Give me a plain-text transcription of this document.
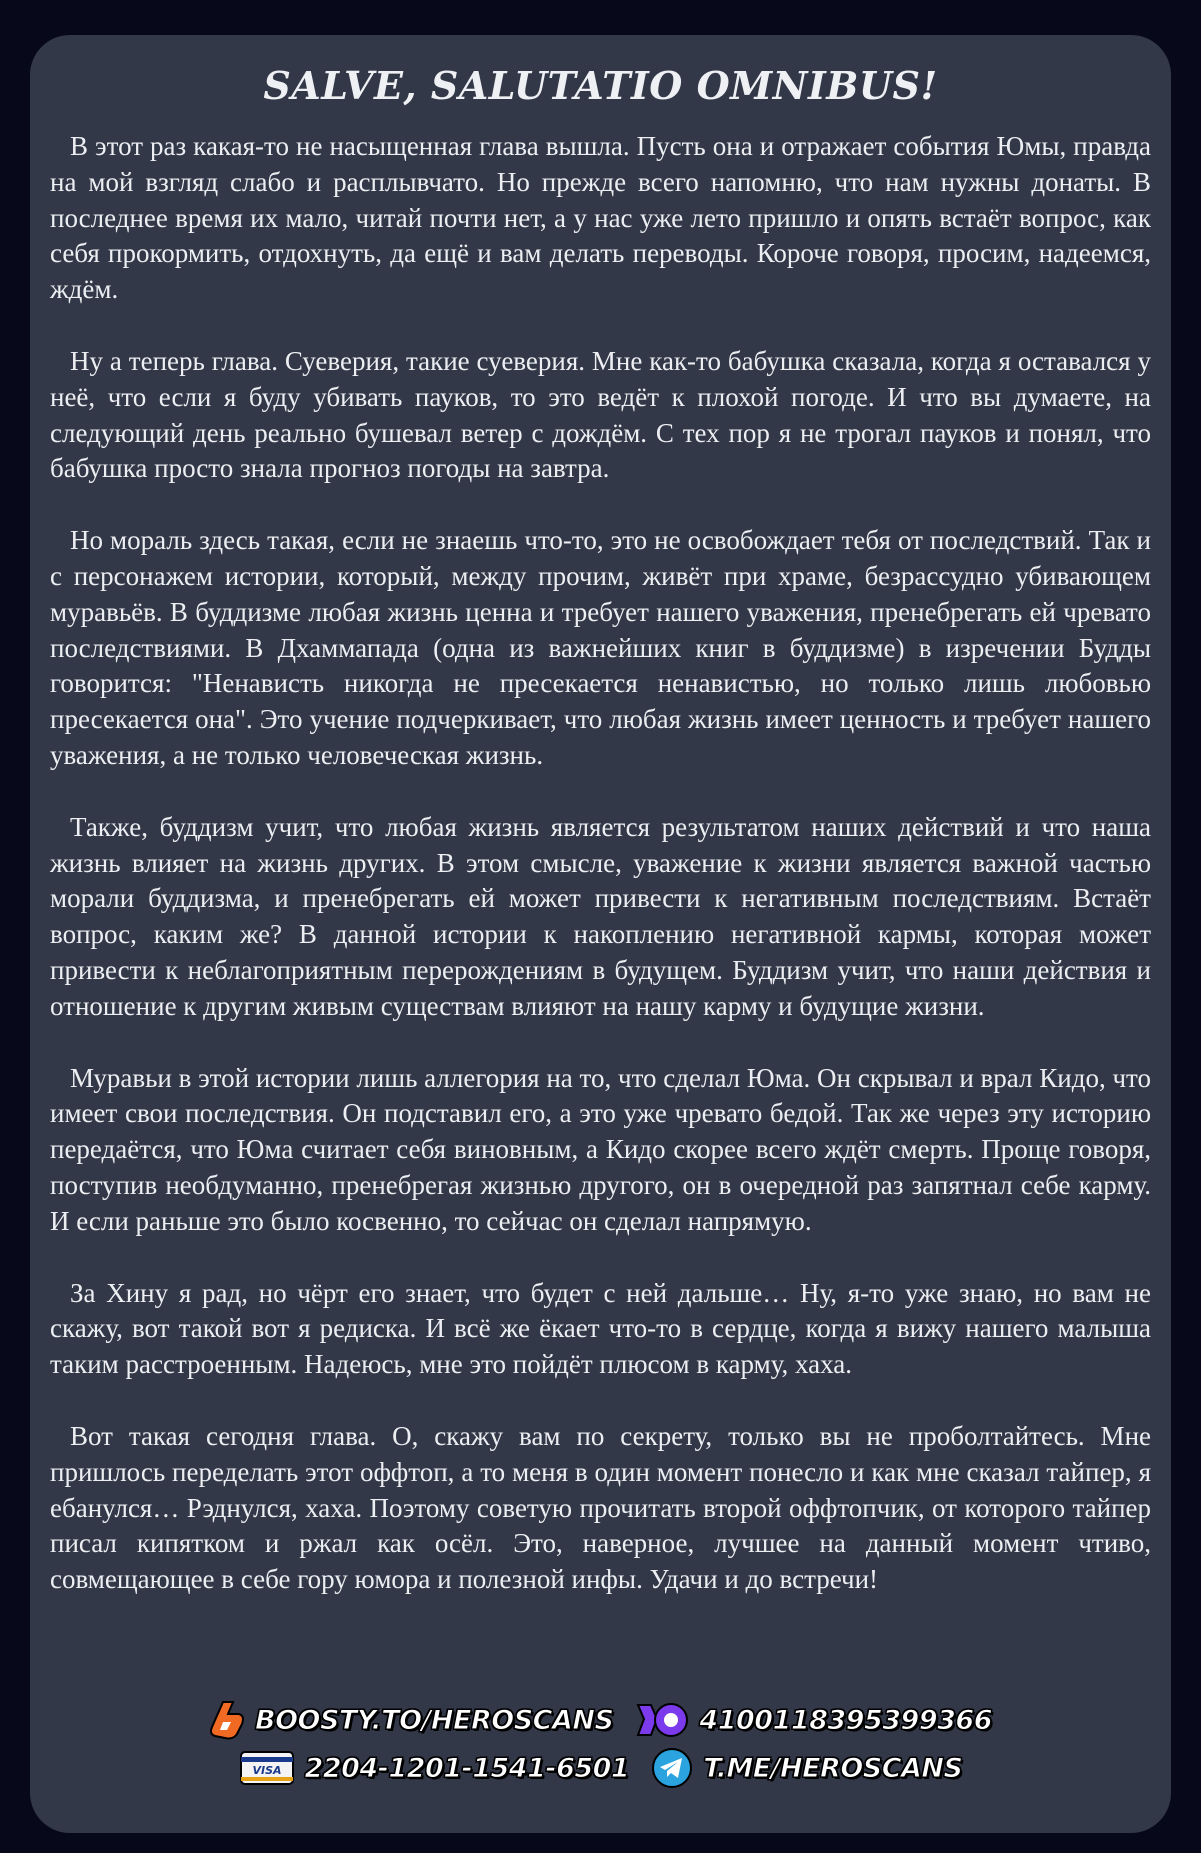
SALVE, SALUTATIO OMNIBUS!
В этот раз какая-то не насыщенная глава вышла. Пусть она и отражает события Юмы, правда на мой взгляд слабо и расплывчато. Но прежде всего напомню, что нам нужны донаты. В последнее время их мало, читай почти нет, а у нас уже лето пришло и опять встаёт вопрос, как себя прокормить, отдохнуть, да ещё и вам делать переводы. Короче говоря, просим, надеемся, ждём.
Ну а теперь глава. Суеверия, такие суеверия. Мне как-то бабушка сказала, когда я оставался у неё, что если я буду убивать пауков, то это ведёт к плохой погоде. И что вы думаете, на следующий день реально бушевал ветер с дождём. С тех пор я не трогал пауков и понял, что бабушка просто знала прогноз погоды на завтра.
Но мораль здесь такая, если не знаешь что-то, это не освобождает тебя от последствий. Так и с персонажем истории, который, между прочим, живёт при храме, безрассудно убивающем муравьёв. В буддизме любая жизнь ценна и требует нашего уважения, пренебрегать ей чревато последствиями. В Дхаммапада (одна из важнейших книг в буддизме) в изречении Будды говорится: "Ненависть никогда не пресекается ненавистью, но только лишь любовью пресекается она". Это учение подчеркивает, что любая жизнь имеет ценность и требует нашего уважения, а не только человеческая жизнь.
Также, буддизм учит, что любая жизнь является результатом наших действий и что наша жизнь влияет на жизнь других. В этом смысле, уважение к жизни является важной частью морали буддизма, и пренебрегать ей может привести к негативным последствиям. Встаёт вопрос, каким же? В данной истории к накоплению негативной кармы, которая может привести к неблагоприятным перерождениям в будущем. Буддизм учит, что наши действия и отношение к другим живым существам влияют на нашу карму и будущие жизни.
Муравьи в этой истории лишь аллегория на то, что сделал Юма. Он скрывал и врал Кидо, что имеет свои последствия. Он подставил его, а это уже чревато бедой. Так же через эту историю передаётся, что Юма считает себя виновным, а Кидо скорее всего ждёт смерть. Проще говоря, поступив необдуманно, пренебрегая жизнью другого, он в очередной раз запятнал себе карму. И если раньше это было косвенно, то сейчас он сделал напрямую.
За Хину я рад, но чёрт его знает, что будет с ней дальше… Ну, я-то уже знаю, но вам не скажу, вот такой вот я редиска. И всё же ёкает что-то в сердце, когда я вижу нашего малыша таким расстроенным. Надеюсь, мне это пойдёт плюсом в карму, хаха.
Вот такая сегодня глава. О, скажу вам по секрету, только вы не проболтайтесь. Мне пришлось переделать этот оффтоп, а то меня в один момент понесло и как мне сказал тайпер, я ебанулся… Рэднулся, хаха. Поэтому советую прочитать второй оффтопчик, от которого тайпер писал кипятком и ржал как осёл. Это, наверное, лучшее на данный момент чтиво, совмещающее в себе гору юмора и полезной инфы. Удачи и до встречи!
BOOSTY.TO/HEROSCANS	4100118395399366
VISA 2204-1201-1541-6501	T.ME/HEROSCANS
